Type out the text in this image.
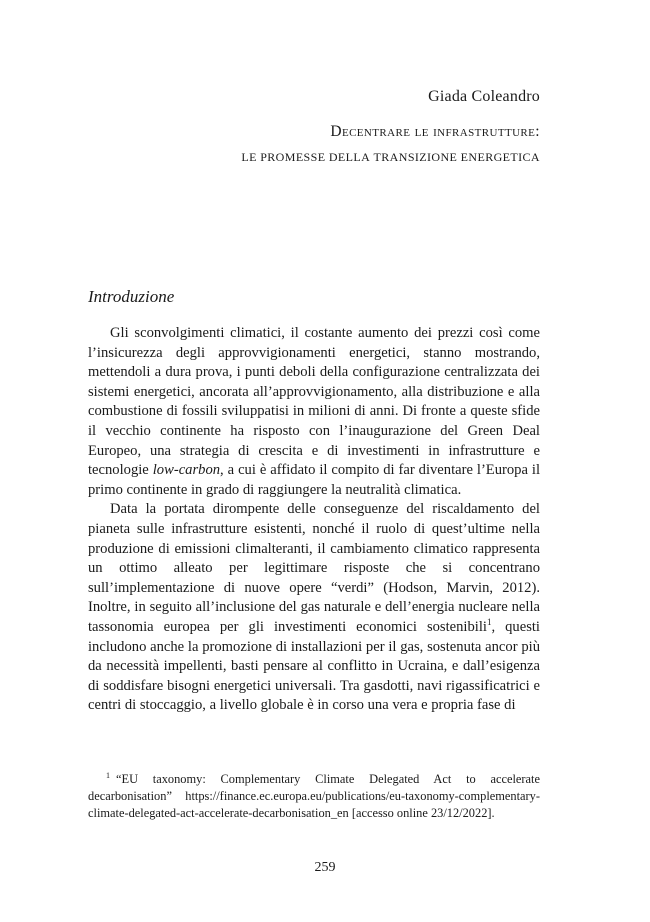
Giada Coleandro
Decentrare le infrastrutture:
le promesse della transizione energetica
Introduzione

Gli sconvolgimenti climatici, il costante aumento dei prezzi così come l’insicurezza degli approvvigionamenti energetici, stanno mostrando, mettendoli a dura prova, i punti deboli della configurazione centralizzata dei sistemi energetici, ancorata all’approvvigionamento, alla distribuzione e alla combustione di fossili sviluppatisi in milioni di anni. Di fronte a queste sfide il vecchio continente ha risposto con l’inaugurazione del Green Deal Europeo, una strategia di crescita e di investimenti in infrastrutture e tecnologie low-carbon, a cui è affidato il compito di far diventare l’Europa il primo continente in grado di raggiungere la neutralità climatica.

Data la portata dirompente delle conseguenze del riscaldamento del pianeta sulle infrastrutture esistenti, nonché il ruolo di quest’ultime nella produzione di emissioni climalteranti, il cambiamento climatico rappresenta un ottimo alleato per legittimare risposte che si concentrano sull’implementazione di nuove opere “verdi” (Hodson, Marvin, 2012). Inoltre, in seguito all’inclusione del gas naturale e dell’energia nucleare nella tassonomia europea per gli investimenti economici sostenibili$^1$, questi includono anche la promozione di installazioni per il gas, sostenuta ancor più da necessità impellenti, basti pensare al conflitto in Ucraina, e dall’esigenza di soddisfare bisogni energetici universali. Tra gasdotti, navi rigassificatrici e centri di stoccaggio, a livello globale è in corso una vera e propria fase di

$^1$ “EU taxonomy: Complementary Climate Delegated Act to accelerate decarbonisation” https://finance.ec.europa.eu/publications/eu-taxonomy-complementary-climate-delegated-act-accelerate-decarbonisation_en [accesso online 23/12/2022].
259
